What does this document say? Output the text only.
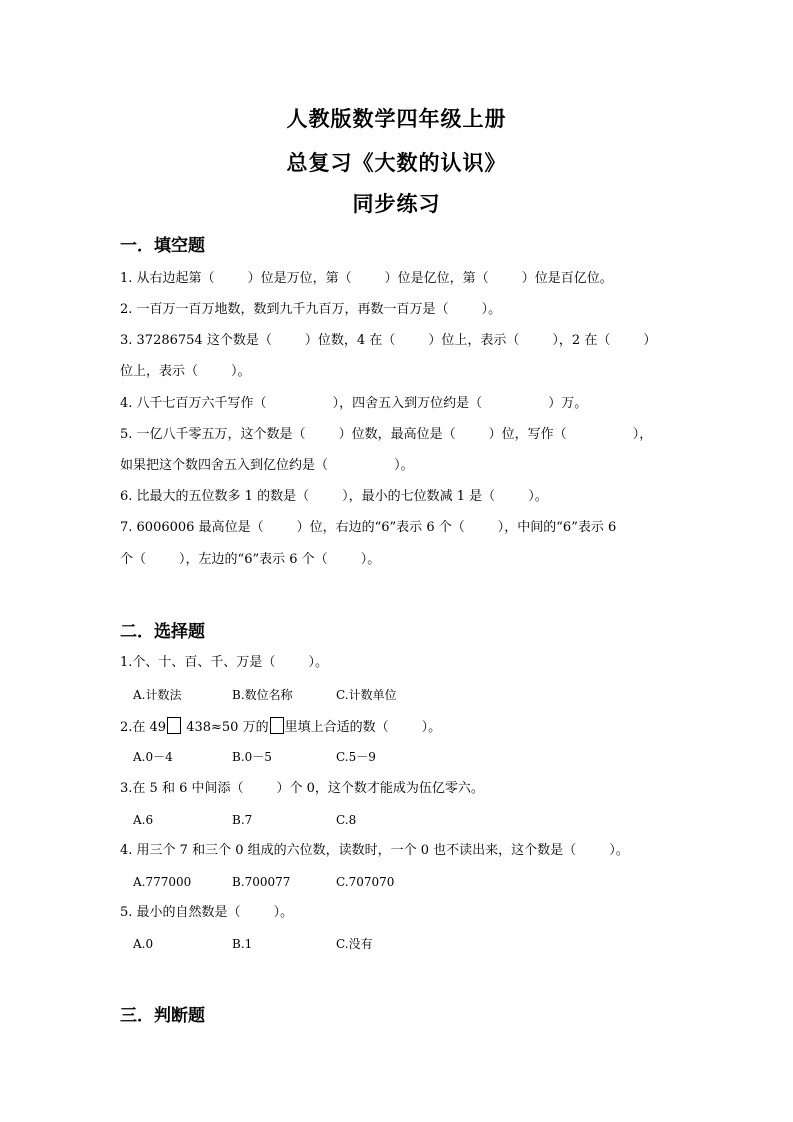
人教版数学四年级上册
总复习《大数的认识》
同步练习
一．填空题
1. 从右边起第（        ）位是万位，第（        ）位是亿位，第（        ）位是百亿位。
2. 一百万一百万地数，数到九千九百万，再数一百万是（        ）。
3. 37286754 这个数是（        ）位数，4 在（        ）位上，表示（        ），2 在（        ）
位上，表示（        ）。
4. 八千七百万六千写作（                ），四舍五入到万位约是（                ）万。
5. 一亿八千零五万，这个数是（        ）位数，最高位是（        ）位，写作（                ），
如果把这个数四舍五入到亿位约是（                ）。
6. 比最大的五位数多 1 的数是（        ），最小的七位数减 1 是（        ）。
7. 6006006 最高位是（        ）位，右边的“6”表示 6 个（        ），中间的“6”表示 6
个（        ），左边的“6”表示 6 个（        ）。
二．选择题
1.个、十、百、千、万是（        ）。
A.计数法	B.数位名称	C.计数单位
2.在 49 438≈50 万的 里填上合适的数（        ）。
A.0－4	B.0－5	C.5－9
3.在 5 和 6 中间添（        ）个 0，这个数才能成为伍亿零六。
A.6	B.7	C.8
4. 用三个 7 和三个 0 组成的六位数，读数时，一个 0 也不读出来，这个数是（        ）。
A.777000	B.700077	C.707070
5. 最小的自然数是（        ）。
A.0	B.1	C.没有
三．判断题
